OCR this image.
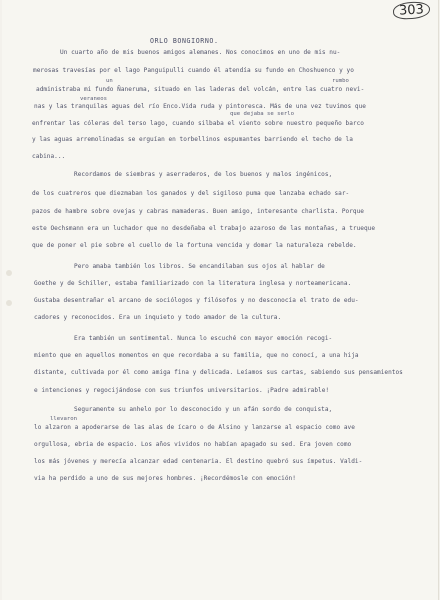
303
ORLO BONGIORNO.
Un cuarto año de mis buenos amigos alemanes. Nos conocimos en uno de mis nu-
merosas travesías por el lago Panguipulli cuando él atendía su fundo en Choshuenco y yo
un	rumbo
administraba mi fundo Ñaneruma, situado en las laderas del volcán, entre las cuatro nevi-
veraneos
nas y las tranquilas aguas del río Enco.Vida ruda y pintoresca. Más de una vez tuvimos que
que dejaba se serlo
enfrentar las cóleras del terso lago, cuando silbaba el viento sobre nuestro pequeño barco
y las aguas arremolinadas se erguían en torbellinos espumantes barriendo el techo de la
cabina...
Recordamos de siembras y aserraderos, de los buenos y malos ingénicos,
de los cuatreros que diezmaban los ganados y del sigiloso puma que lanzaba echado sar-
pazos de hambre sobre ovejas y cabras mamaderas. Buen amigo, interesante charlista. Porque
este Oechsmann era un luchador que no desdeñaba el trabajo azaroso de las montañas, a trueque
que de poner el pie sobre el cuello de la fortuna vencida y domar la naturaleza rebelde.
Pero amaba también los libros. Se encandilaban sus ojos al hablar de
Goethe y de Schiller, estaba familiarizado con la literatura inglesa y norteamericana.
Gustaba desentrañar el arcano de sociólogos y filósofos y no desconocía el trato de edu-
cadores y reconocidos. Era un inquieto y todo amador de la cultura.
Era también un sentimental. Nunca lo escuché con mayor emoción recogi-
miento que en aquellos momentos en que recordaba a su familia, que no conocí, a una hija
distante, cultivada por él como amiga fina y delicada. Leíamos sus cartas, sabiendo sus pensamientos
e intenciones y regocijándose con sus triunfos universitarios. ¡Padre admirable!
Seguramente su anhelo por lo desconocido y un afán sordo de conquista,
llevaron
lo alzaron a apoderarse de las alas de ícaro o de Alsino y lanzarse al espacio como ave
orgullosa, ebria de espacio. Los años vividos no habían apagado su sed. Era joven como
los más jóvenes y merecía alcanzar edad centenaria. El destino quebró sus ímpetus. Valdi-
via ha perdido a uno de sus mejores hombres. ¡Recordémosle con emoción!
